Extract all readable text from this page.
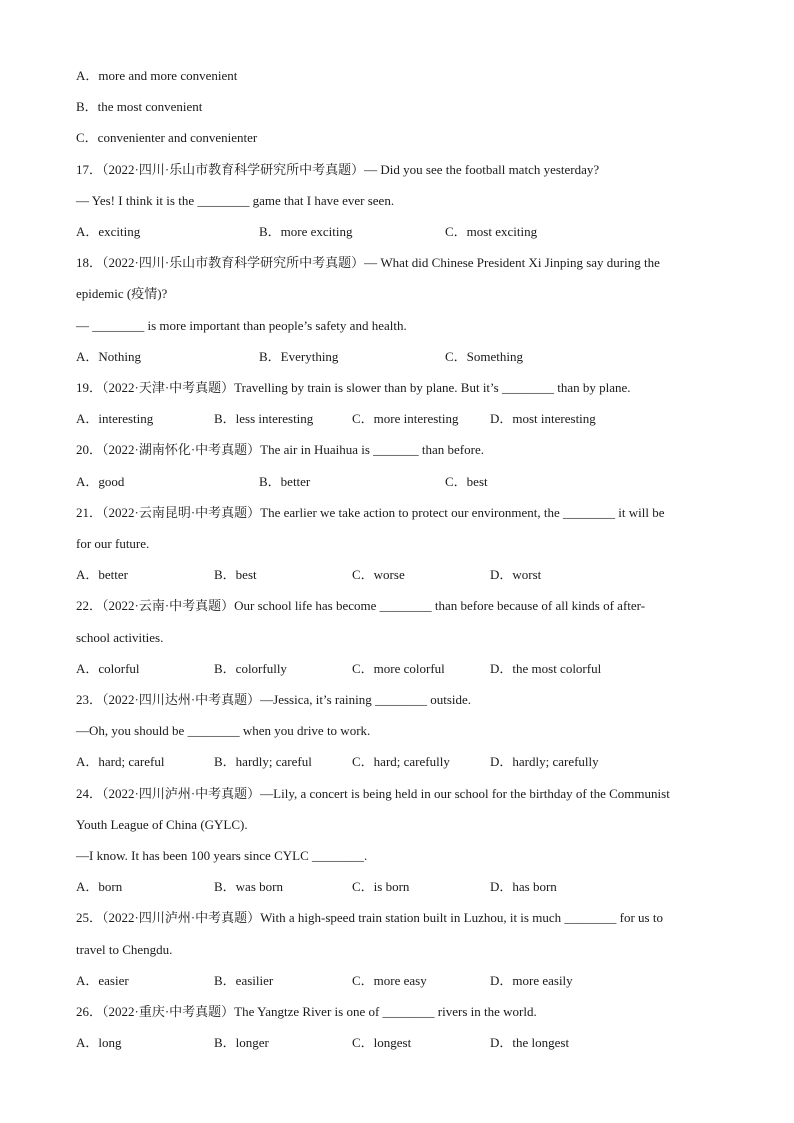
A．more and more convenient
B．the most convenient
C．convenienter and convenienter
17．（2022·四川·乐山市教育科学研究所中考真题）— Did you see the football match yesterday?
— Yes! I think it is the ________ game that I have ever seen.
A．exciting	B．more exciting	C．most exciting
18．（2022·四川·乐山市教育科学研究所中考真题）— What did Chinese President Xi Jinping say during the
epidemic (疫情)?
— ________ is more important than people’s safety and health.
A．Nothing	B．Everything	C．Something
19．（2022·天津·中考真题）Travelling by train is slower than by plane. But it’s ________ than by plane.
A．interesting	B．less interesting	C．more interesting D．most interesting
20．（2022·湖南怀化·中考真题）The air in Huaihua is _______ than before.
A．good	B．better	C．best
21．（2022·云南昆明·中考真题）The earlier we take action to protect our environment, the ________ it will be
for our future.
A．better	B．best	C．worse	D．worst
22．（2022·云南·中考真题）Our school life has become ________ than before because of all kinds of after-
school activities.
A．colorful	B．colorfully	C．more colorful	D．the most colorful
23．（2022·四川达州·中考真题）—Jessica, it’s raining ________ outside.
—Oh, you should be ________ when you drive to work.
A．hard; careful	B．hardly; careful	C．hard; carefully	D．hardly; carefully
24．（2022·四川泸州·中考真题）—Lily, a concert is being held in our school for the birthday of the Communist
Youth League of China (GYLC).
—I know. It has been 100 years since CYLC ________.
A．born	B．was born	C．is born	D．has born
25．（2022·四川泸州·中考真题）With a high-speed train station built in Luzhou, it is much ________ for us to
travel to Chengdu.
A．easier	B．easilier	C．more easy	D．more easily
26．（2022·重庆·中考真题）The Yangtze River is one of ________ rivers in the world.
A．long	B．longer	C．longest	D．the longest
